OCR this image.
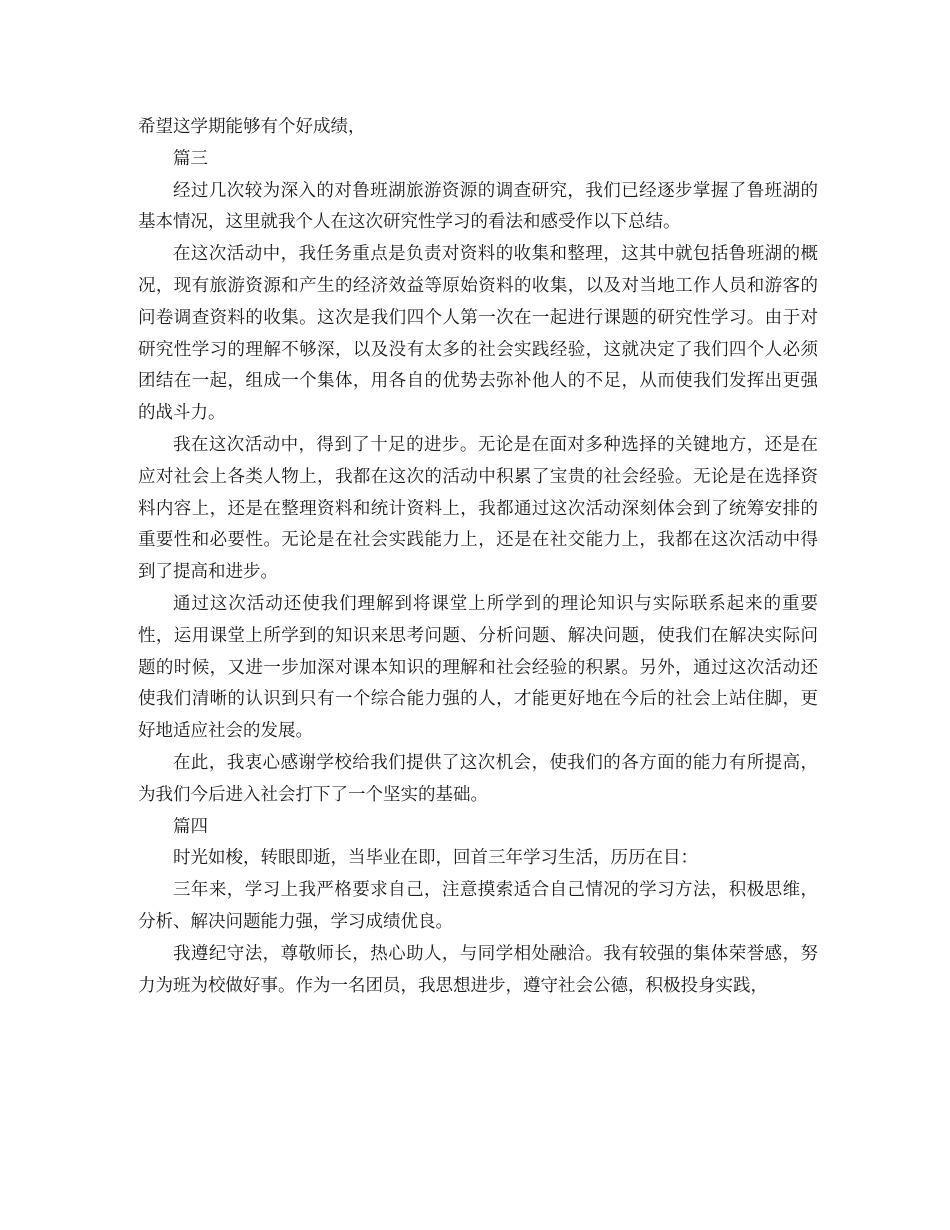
希望这学期能够有个好成绩，

篇三

经过几次较为深入的对鲁班湖旅游资源的调查研究，我们已经逐步掌握了鲁班湖的基本情况，这里就我个人在这次研究性学习的看法和感受作以下总结。

在这次活动中，我任务重点是负责对资料的收集和整理，这其中就包括鲁班湖的概况，现有旅游资源和产生的经济效益等原始资料的收集，以及对当地工作人员和游客的问卷调查资料的收集。这次是我们四个人第一次在一起进行课题的研究性学习。由于对研究性学习的理解不够深，以及没有太多的社会实践经验，这就决定了我们四个人必须团结在一起，组成一个集体，用各自的优势去弥补他人的不足，从而使我们发挥出更强的战斗力。

我在这次活动中，得到了十足的进步。无论是在面对多种选择的关键地方，还是在应对社会上各类人物上，我都在这次的活动中积累了宝贵的社会经验。无论是在选择资料内容上，还是在整理资料和统计资料上，我都通过这次活动深刻体会到了统筹安排的重要性和必要性。无论是在社会实践能力上，还是在社交能力上，我都在这次活动中得到了提高和进步。

通过这次活动还使我们理解到将课堂上所学到的理论知识与实际联系起来的重要性，运用课堂上所学到的知识来思考问题、分析问题、解决问题，使我们在解决实际问题的时候，又进一步加深对课本知识的理解和社会经验的积累。另外，通过这次活动还使我们清晰的认识到只有一个综合能力强的人，才能更好地在今后的社会上站住脚，更好地适应社会的发展。

在此，我衷心感谢学校给我们提供了这次机会，使我们的各方面的能力有所提高，为我们今后进入社会打下了一个坚实的基础。

篇四

时光如梭，转眼即逝，当毕业在即，回首三年学习生活，历历在目：

三年来，学习上我严格要求自己，注意摸索适合自己情况的学习方法，积极思维，分析、解决问题能力强，学习成绩优良。

我遵纪守法，尊敬师长，热心助人，与同学相处融洽。我有较强的集体荣誉感，努力为班为校做好事。作为一名团员，我思想进步，遵守社会公德，积极投身实践，
